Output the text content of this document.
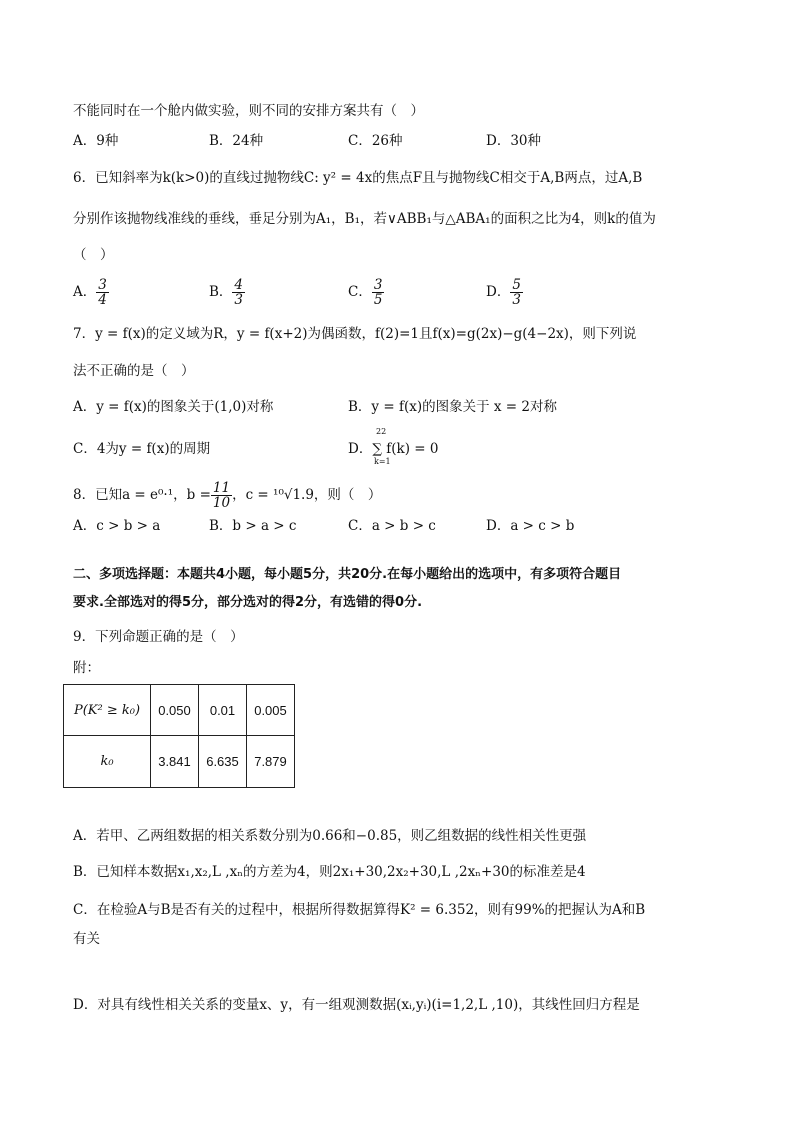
不能同时在一个舱内做实验，则不同的安排方案共有（　）
A．9种	B．24种	C．26种	D．30种
6．已知斜率为k(k>0)的直线过抛物线C: y² = 4x的焦点F且与抛物线C相交于A,B两点，过A,B
分别作该抛物线准线的垂线，垂足分别为A₁，B₁，若∨ABB₁与△ABA₁的面积之比为4，则k的值为
（　）
A． $\frac{3}{4}$	B． $\frac{4}{3}$	C． $\frac{3}{5}$	D． $\frac{5}{3}$
7．y = f(x)的定义域为R，y = f(x+2)为偶函数，f(2)=1且f(x)=g(2x)−g(4−2x)，则下列说
法不正确的是（　）
A．y = f(x)的图象关于(1,0)对称	B．y = f(x)的图象关于 x = 2对称
C．4为y = f(x)的周期	D．∑ f(k) = 0
22
k=1
8．已知a = e⁰·¹，$b = \frac{11}{10}$ ，c = ¹⁰√1.9，则（　）
A．c > b > a	B．b > a > c	C．a > b > c	D．a > c > b
二、多项选择题：本题共4小题，每小题5分，共20分.在每小题给出的选项中，有多项符合题目
要求.全部选对的得5分，部分选对的得2分，有选错的得0分.
9．下列命题正确的是（　）
附：
P(K² ≥ k₀)	0.050	0.01	0.005
k₀	3.841	6.635	7.879
A．若甲、乙两组数据的相关系数分别为0.66和−0.85，则乙组数据的线性相关性更强
B．已知样本数据x₁,x₂,L ,xₙ的方差为4，则2x₁+30,2x₂+30,L ,2xₙ+30的标准差是4
C．在检验A与B是否有关的过程中，根据所得数据算得K² = 6.352，则有99%的把握认为A和B
有关
D．对具有线性相关关系的变量x、y，有一组观测数据(xᵢ,yᵢ)(i=1,2,L ,10)，其线性回归方程是
